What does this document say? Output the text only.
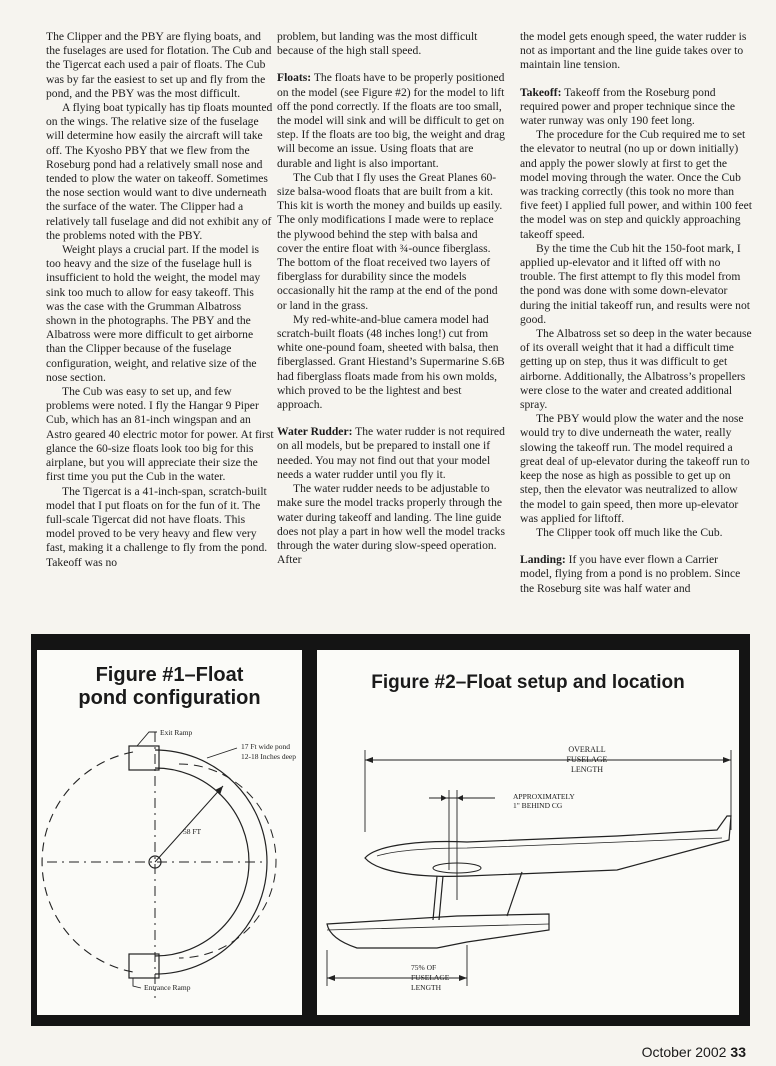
The Clipper and the PBY are flying boats, and the fuselages are used for flotation. The Cub and the Tigercat each used a pair of floats. The Cub was by far the easiest to set up and fly from the pond, and the PBY was the most difficult.

A flying boat typically has tip floats mounted on the wings. The relative size of the fuselage will determine how easily the aircraft will take off. The Kyosho PBY that we flew from the Roseburg pond had a relatively small nose and tended to plow the water on takeoff. Sometimes the nose section would want to dive underneath the surface of the water. The Clipper had a relatively tall fuselage and did not exhibit any of the problems noted with the PBY.

Weight plays a crucial part. If the model is too heavy and the size of the fuselage hull is insufficient to hold the weight, the model may sink too much to allow for easy takeoff. This was the case with the Grumman Albatross shown in the photographs. The PBY and the Albatross were more difficult to get airborne than the Clipper because of the fuselage configuration, weight, and relative size of the nose section.

The Cub was easy to set up, and few problems were noted. I fly the Hangar 9 Piper Cub, which has an 81-inch wingspan and an Astro geared 40 electric motor for power. At first glance the 60-size floats look too big for this airplane, but you will appreciate their size the first time you put the Cub in the water.

The Tigercat is a 41-inch-span, scratch-built model that I put floats on for the fun of it. The full-scale Tigercat did not have floats. This model proved to be very heavy and flew very fast, making it a challenge to fly from the pond. Takeoff was no

problem, but landing was the most difficult because of the high stall speed.

Floats: The floats have to be properly positioned on the model (see Figure #2) for the model to lift off the pond correctly. If the floats are too small, the model will sink and will be difficult to get on step. If the floats are too big, the weight and drag will become an issue. Using floats that are durable and light is also important.

The Cub that I fly uses the Great Planes 60-size balsa-wood floats that are built from a kit. This kit is worth the money and builds up easily. The only modifications I made were to replace the plywood behind the step with balsa and cover the entire float with ¾-ounce fiberglass. The bottom of the float received two layers of fiberglass for durability since the models occasionally hit the ramp at the end of the pond or land in the grass.

My red-white-and-blue camera model had scratch-built floats (48 inches long!) cut from white one-pound foam, sheeted with balsa, then fiberglassed. Grant Hiestand’s Supermarine S.6B had fiberglass floats made from his own molds, which proved to be the lightest and best approach.

Water Rudder: The water rudder is not required on all models, but be prepared to install one if needed. You may not find out that your model needs a water rudder until you fly it.

The water rudder needs to be adjustable to make sure the model tracks properly through the water during takeoff and landing. The line guide does not play a part in how well the model tracks through the water during slow-speed operation. After

the model gets enough speed, the water rudder is not as important and the line guide takes over to maintain line tension.

Takeoff: Takeoff from the Roseburg pond required power and proper technique since the water runway was only 190 feet long.

The procedure for the Cub required me to set the elevator to neutral (no up or down initially) and apply the power slowly at first to get the model moving through the water. Once the Cub was tracking correctly (this took no more than five feet) I applied full power, and within 100 feet the model was on step and quickly approaching takeoff speed.

By the time the Cub hit the 150-foot mark, I applied up-elevator and it lifted off with no trouble. The first attempt to fly this model from the pond was done with some down-elevator during the initial takeoff run, and results were not good.

The Albatross set so deep in the water because of its overall weight that it had a difficult time getting up on step, thus it was difficult to get airborne. Additionally, the Albatross’s propellers were close to the water and created additional spray.

The PBY would plow the water and the nose would try to dive underneath the water, really slowing the takeoff run. The model required a great deal of up-elevator during the takeoff run to keep the nose as high as possible to get up on step, then the elevator was neutralized to allow the model to gain speed, then more up-elevator was applied for liftoff.

The Clipper took off much like the Cub.

Landing: If you have ever flown a Carrier model, flying from a pond is no problem. Since the Roseburg site was half water and

Figure #1–Float
pond configuration
Figure #2–Float setup and location
Exit Ramp
17 Ft wide pond
12-18 Inches deep
58 FT
Entrance Ramp
OVERALL
FUSELAGE
LENGTH
APPROXIMATELY
1" BEHIND CG
75% OF
FUSELAGE
LENGTH
October 2002 33
